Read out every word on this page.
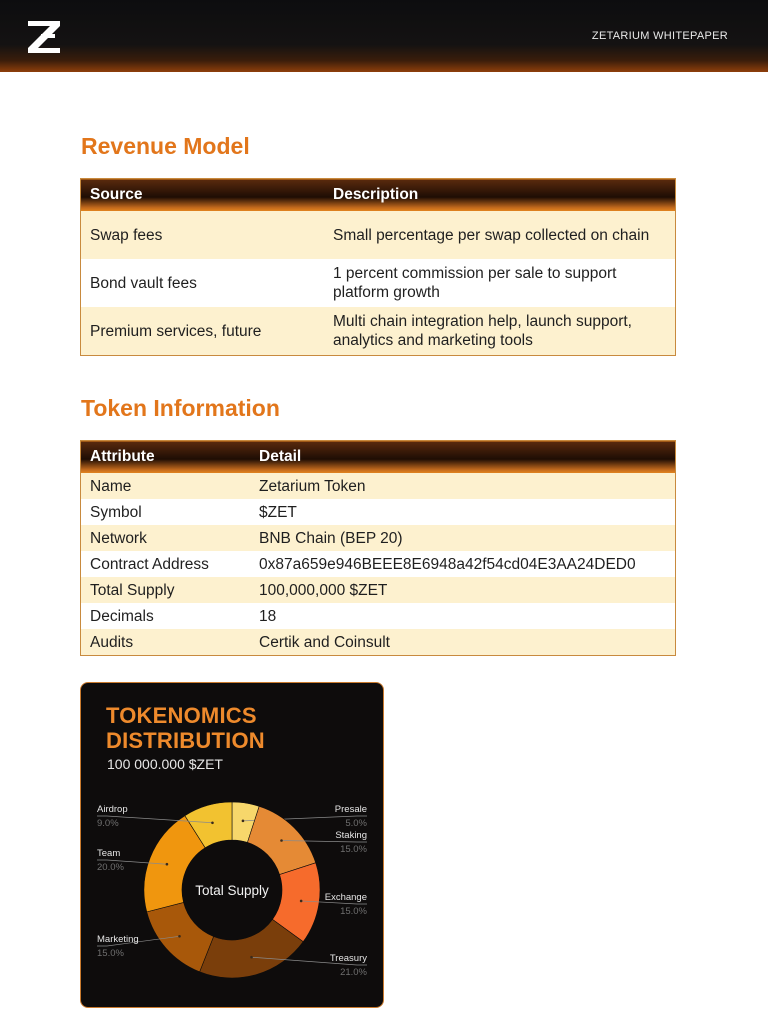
ZETARIUM WHITEPAPER
Revenue Model
Source	Description
Swap fees	Small percentage per swap collected on chain
Bond vault fees	1 percent commission per sale to support platform growth
Premium services, future	Multi chain integration help, launch support, analytics and marketing tools
Token Information
Attribute	Detail
Name	Zetarium Token
Symbol	$ZET
Network	BNB Chain (BEP 20)
Contract Address	0x87a659e946BEEE8E6948a42f54cd04E3AA24DED0
Total Supply	100,000,000 $ZET
Decimals	18
Audits	Certik and Coinsult
TOKENOMICS
DISTRIBUTION
100 000.000 $ZET
Presale
5.0%
Staking
15.0%
Exchange
15.0%
Treasury
21.0%
Marketing
15.0%
Team
20.0%
Airdrop
9.0%
Total Supply
